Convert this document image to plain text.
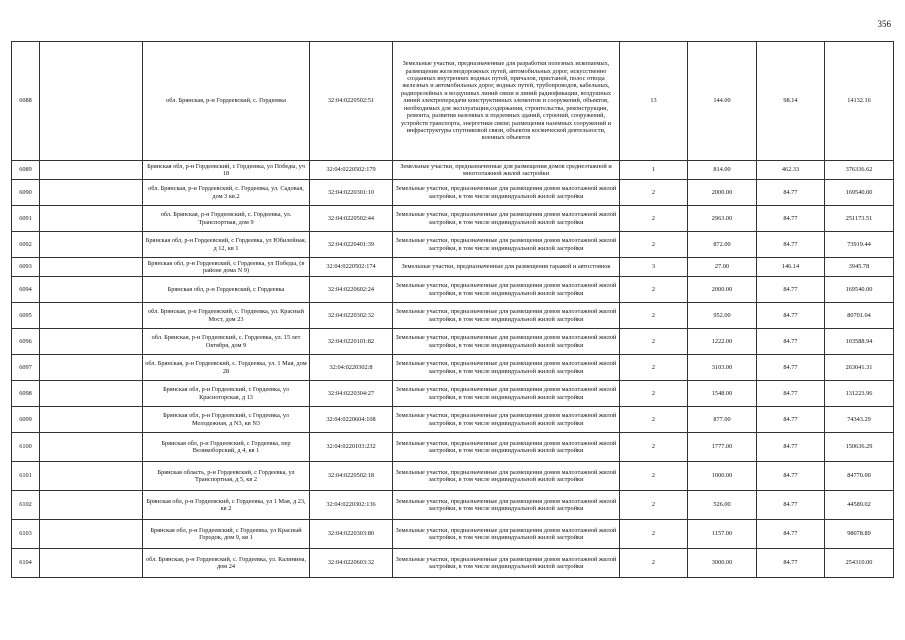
356
6088		обл. Брянская, р-н Гордеевский, с. Гордеевка	32:04:0220502:51	Земельные участки, предназначенные для разработки полезных ископаемых, размещения железнодорожных путей, автомобильных дорог, искусственно созданных внутренних водных путей, причалов, пристаней, полос отвода железных и автомобильных дорог, водных путей, трубопроводов, кабельных, радиорелейных и воздушных линий связи и линий радиофикации, воздушных линий электропередачи конструктивных элементов и сооружений, объектов, необходимых для эксплуатации,содержания, строительства, реконструкции, ремонта, развития наземных и подземных зданий, строений, сооружений, устройств транспорта, энергетики связи; размещения наземных сооружений и инфраструктуры спутниковой связи, объектов космической деятельности, военных объектов	13	144.00	98.14	14132.16
6089		Брянская обл, р-н Гордеевский, с Гордеевка, ул Победы, уч 18	32:04:0220502:179	Земельные участки, предназначенные для размещения домов среднеэтажной и многоэтажной жилой застройки	1	814.00	462.33	376336.62
6090		обл. Брянская, р-н Гордеевский, с. Гордеевка, ул. Садовая, дом 3 кв.2	32:04:0220301:10	Земельные участки, предназначенные для размещения домов малоэтажной жилой застройки, в том числе индивидуальной жилой застройки	2	2000.00	84.77	169540.00
6091		обл. Брянская, р-н Гордеевский, с. Гордеевка, ул. Транспортная, дом 9	32:04:0220502:44	Земельные участки, предназначенные для размещения домов малоэтажной жилой застройки, в том числе индивидуальной жилой застройки	2	2963.00	84.77	251173.51
6092		Брянская обл, р-н Гордеевский, с Гордеевка, ул Юбилейная, д 12, кв 1	32:04:0220401:39	Земельные участки, предназначенные для размещения домов малоэтажной жилой застройки, в том числе индивидуальной жилой застройки	2	872.00	84.77	73919.44
6093		Брянская обл, р-н Гордеевский, с Гордеевка, ул Победы, (в районе дома N 9)	32:04:0220502:174	Земельные участки, предназначенные для размещения гаражей и автостоянок	3	27.00	146.14	3945.78
6094		Брянская обл, р-н Гордеевский, с Гордеевка	32:04:0220602:24	Земельные участки, предназначенные для размещения домов малоэтажной жилой застройки, в том числе индивидуальной жилой застройки	2	2000.00	84.77	169540.00
6095		обл. Брянская, р-н Гордеевский, с. Гордеевка, ул. Красный Мост, дом 23	32:04:0220302:32	Земельные участки, предназначенные для размещения домов малоэтажной жилой застройки, в том числе индивидуальной жилой застройки	2	952.00	84.77	80701.04
6096		обл. Брянская, р-н Гордеевский, с. Гордеевка, ул. 15 лет Октября, дом 9	32:04:0220101:82	Земельные участки, предназначенные для размещения домов малоэтажной жилой застройки, в том числе индивидуальной жилой застройки	2	1222.00	84.77	103588.94
6097		обл. Брянская, р-н Гордеевский, с. Гордеевка, ул. 1 Мая, дом 28	32:04:0220302:8	Земельные участки, предназначенные для размещения домов малоэтажной жилой застройки, в том числе индивидуальной жилой застройки	2	3103.00	84.77	263041.31
6098		Брянская обл, р-н Гордеевский, с Гордеевка, ул Красногорская, д 13	32:04:0220304:27	Земельные участки, предназначенные для размещения домов малоэтажной жилой застройки, в том числе индивидуальной жилой застройки	2	1548.00	84.77	131223.96
6099		Брянская обл, р-н Гордеевский, с Гордеевка, ул Молодежная, д N3, кв N3	32:04:0220604:108	Земельные участки, предназначенные для размещения домов малоэтажной жилой застройки, в том числе индивидуальной жилой застройки	2	877.00	84.77	74343.29
6100		Брянская обл, р-н Гордеевский, с Гордеевка, пер Великоборский, д 4, кв 1	32:04:0220103:232	Земельные участки, предназначенные для размещения домов малоэтажной жилой застройки, в том числе индивидуальной жилой застройки	2	1777.00	84.77	150636.29
6101		Брянская область, р-н Гордеевский, с Гордеевка, ул Транспортная, д 5, кв 2	32:04:0220502:18	Земельные участки, предназначенные для размещения домов малоэтажной жилой застройки, в том числе индивидуальной жилой застройки	2	1000.00	84.77	84770.00
6102		Брянская обл, р-н Гордеевский, с Гордеевка, ул 1 Мая, д 23, кв 2	32:04:0220302:136	Земельные участки, предназначенные для размещения домов малоэтажной жилой застройки, в том числе индивидуальной жилой застройки	2	526.00	84.77	44589.02
6103		Брянская обл, р-н Гордеевский, с Гордеевка, ул Красный Городок, дом 9, кв 1	32:04:0220303:80	Земельные участки, предназначенные для размещения домов малоэтажной жилой застройки, в том числе индивидуальной жилой застройки	2	1157.00	84.77	98078.89
6104		обл. Брянская, р-н Гордеевский, с. Гордеевка, ул. Калинина, дом 24	32:04:0220603:32	Земельные участки, предназначенные для размещения домов малоэтажной жилой застройки, в том числе индивидуальной жилой застройки	2	3000.00	84.77	254310.00
